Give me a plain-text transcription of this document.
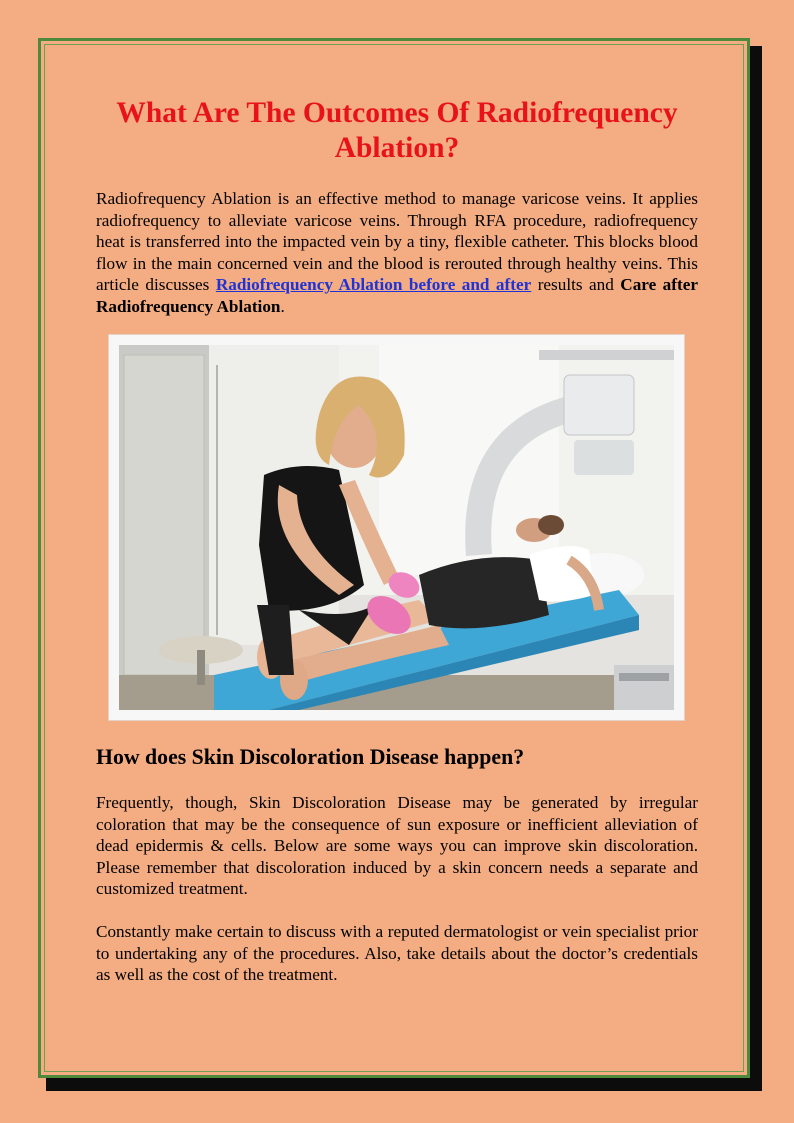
What Are The Outcomes Of Radiofrequency Ablation?

Radiofrequency Ablation is an effective method to manage varicose veins. It applies radiofrequency to alleviate varicose veins. Through RFA procedure, radiofrequency heat is transferred into the impacted vein by a tiny, flexible catheter. This blocks blood flow in the main concerned vein and the blood is rerouted through healthy veins. This article discusses Radiofrequency Ablation before and after results and Care after Radiofrequency Ablation.

How does Skin Discoloration Disease happen?

Frequently, though, Skin Discoloration Disease may be generated by irregular coloration that may be the consequence of sun exposure or inefficient alleviation of dead epidermis & cells. Below are some ways you can improve skin discoloration. Please remember that discoloration induced by a skin concern needs a separate and customized treatment.

Constantly make certain to discuss with a reputed dermatologist or vein specialist prior to undertaking any of the procedures. Also, take details about the doctor’s credentials as well as the cost of the treatment.
